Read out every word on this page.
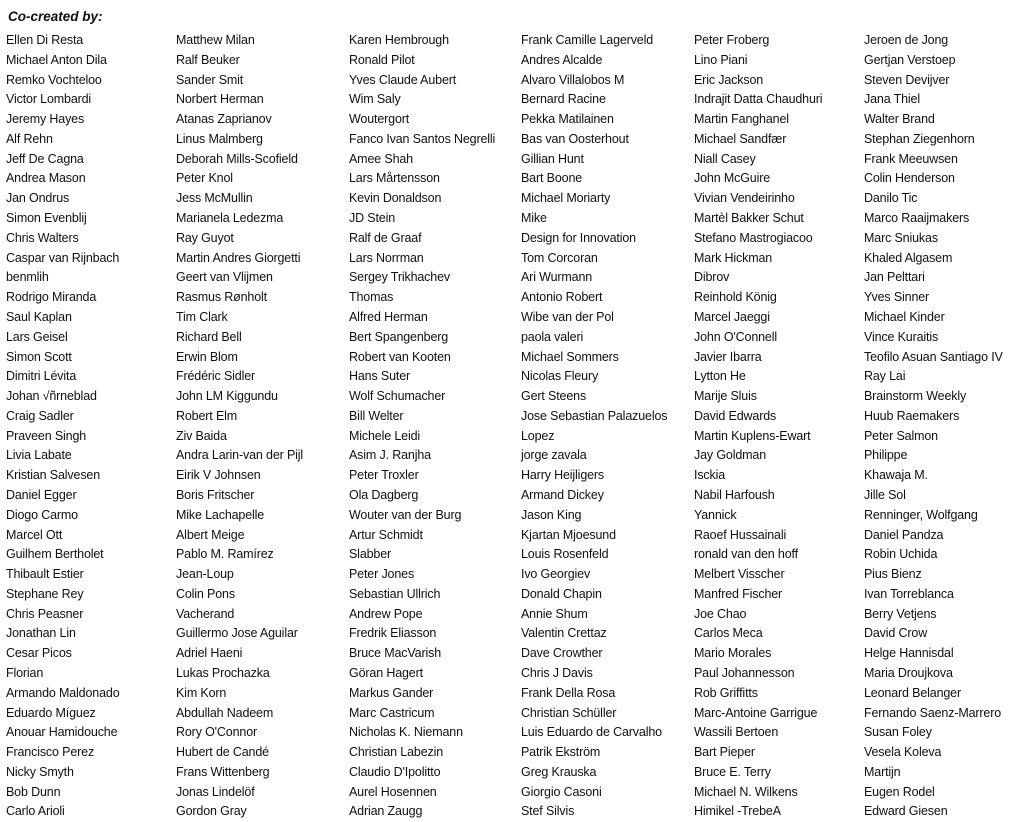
Co-created by:
Ellen Di Resta
Michael Anton Dila
Remko Vochteloo
Victor Lombardi
Jeremy Hayes
Alf Rehn
Jeff De Cagna
Andrea Mason
Jan Ondrus
Simon Evenblij
Chris Walters
Caspar van Rijnbach
benmlih
Rodrigo Miranda
Saul Kaplan
Lars Geisel
Simon Scott
Dimitri Lévita
Johan √ñrneblad
Craig Sadler
Praveen Singh
Livia Labate
Kristian Salvesen
Daniel Egger
Diogo Carmo
Marcel Ott
Guilhem Bertholet
Thibault Estier
Stephane Rey
Chris Peasner
Jonathan Lin
Cesar Picos
Florian
Armando Maldonado
Eduardo Míguez
Anouar Hamidouche
Francisco Perez
Nicky Smyth
Bob Dunn
Carlo Arioli
Matthew Milan
Ralf Beuker
Sander Smit
Norbert Herman
Atanas Zaprianov
Linus Malmberg
Deborah Mills-Scofield
Peter Knol
Jess McMullin
Marianela Ledezma
Ray Guyot
Martin Andres Giorgetti
Geert van Vlijmen
Rasmus Rønholt
Tim Clark
Richard Bell
Erwin Blom
Frédéric Sidler
John LM Kiggundu
Robert Elm
Ziv Baida
Andra Larin-van der Pijl
Eirik V Johnsen
Boris Fritscher
Mike Lachapelle
Albert Meige
Pablo M. Ramírez
Jean-Loup
Colin Pons
Vacherand
Guillermo Jose Aguilar
Adriel Haeni
Lukas Prochazka
Kim Korn
Abdullah Nadeem
Rory O'Connor
Hubert de Candé
Frans Wittenberg
Jonas Lindelöf
Gordon Gray
Karen Hembrough
Ronald Pilot
Yves Claude Aubert
Wim Saly
Woutergort
Fanco Ivan Santos Negrelli
Amee Shah
Lars Mårtensson
Kevin Donaldson
JD Stein
Ralf de Graaf
Lars Norrman
Sergey Trikhachev
Thomas
Alfred Herman
Bert Spangenberg
Robert van Kooten
Hans Suter
Wolf Schumacher
Bill Welter
Michele Leidi
Asim J. Ranjha
Peter Troxler
Ola Dagberg
Wouter van der Burg
Artur Schmidt
Slabber
Peter Jones
Sebastian Ullrich
Andrew Pope
Fredrik Eliasson
Bruce MacVarish
Göran Hagert
Markus Gander
Marc Castricum
Nicholas K. Niemann
Christian Labezin
Claudio D'Ipolitto
Aurel Hosennen
Adrian Zaugg
Frank Camille Lagerveld
Andres Alcalde
Alvaro Villalobos M
Bernard Racine
Pekka Matilainen
Bas van Oosterhout
Gillian Hunt
Bart Boone
Michael Moriarty
Mike
Design for Innovation
Tom Corcoran
Ari Wurmann
Antonio Robert
Wibe van der Pol
paola valeri
Michael Sommers
Nicolas Fleury
Gert Steens
Jose Sebastian Palazuelos
Lopez
jorge zavala
Harry Heijligers
Armand Dickey
Jason King
Kjartan Mjoesund
Louis Rosenfeld
Ivo Georgiev
Donald Chapin
Annie Shum
Valentin Crettaz
Dave Crowther
Chris J Davis
Frank Della Rosa
Christian Schüller
Luis Eduardo de Carvalho
Patrik Ekström
Greg Krauska
Giorgio Casoni
Stef Silvis
Peter Froberg
Lino Piani
Eric Jackson
Indrajit Datta Chaudhuri
Martin Fanghanel
Michael Sandfær
Niall Casey
John McGuire
Vivian Vendeirinho
Martèl Bakker Schut
Stefano Mastrogiacoo
Mark Hickman
Dibrov
Reinhold König
Marcel Jaeggi
John O'Connell
Javier Ibarra
Lytton He
Marije Sluis
David Edwards
Martin Kuplens-Ewart
Jay Goldman
Isckia
Nabil Harfoush
Yannick
Raoef Hussainali
ronald van den hoff
Melbert Visscher
Manfred Fischer
Joe Chao
Carlos Meca
Mario Morales
Paul Johannesson
Rob Griffitts
Marc-Antoine Garrigue
Wassili Bertoen
Bart Pieper
Bruce E. Terry
Michael N. Wilkens
Himikel -TrebeA
Jeroen de Jong
Gertjan Verstoep
Steven Devijver
Jana Thiel
Walter Brand
Stephan Ziegenhorn
Frank Meeuwsen
Colin Henderson
Danilo Tic
Marco Raaijmakers
Marc Sniukas
Khaled Algasem
Jan Pelttari
Yves Sinner
Michael Kinder
Vince Kuraitis
Teofilo Asuan Santiago IV
Ray Lai
Brainstorm Weekly
Huub Raemakers
Peter Salmon
Philippe
Khawaja M.
Jille Sol
Renninger, Wolfgang
Daniel Pandza
Robin Uchida
Pius Bienz
Ivan Torreblanca
Berry Vetjens
David Crow
Helge Hannisdal
Maria Droujkova
Leonard Belanger
Fernando Saenz-Marrero
Susan Foley
Vesela Koleva
Martijn
Eugen Rodel
Edward Giesen
